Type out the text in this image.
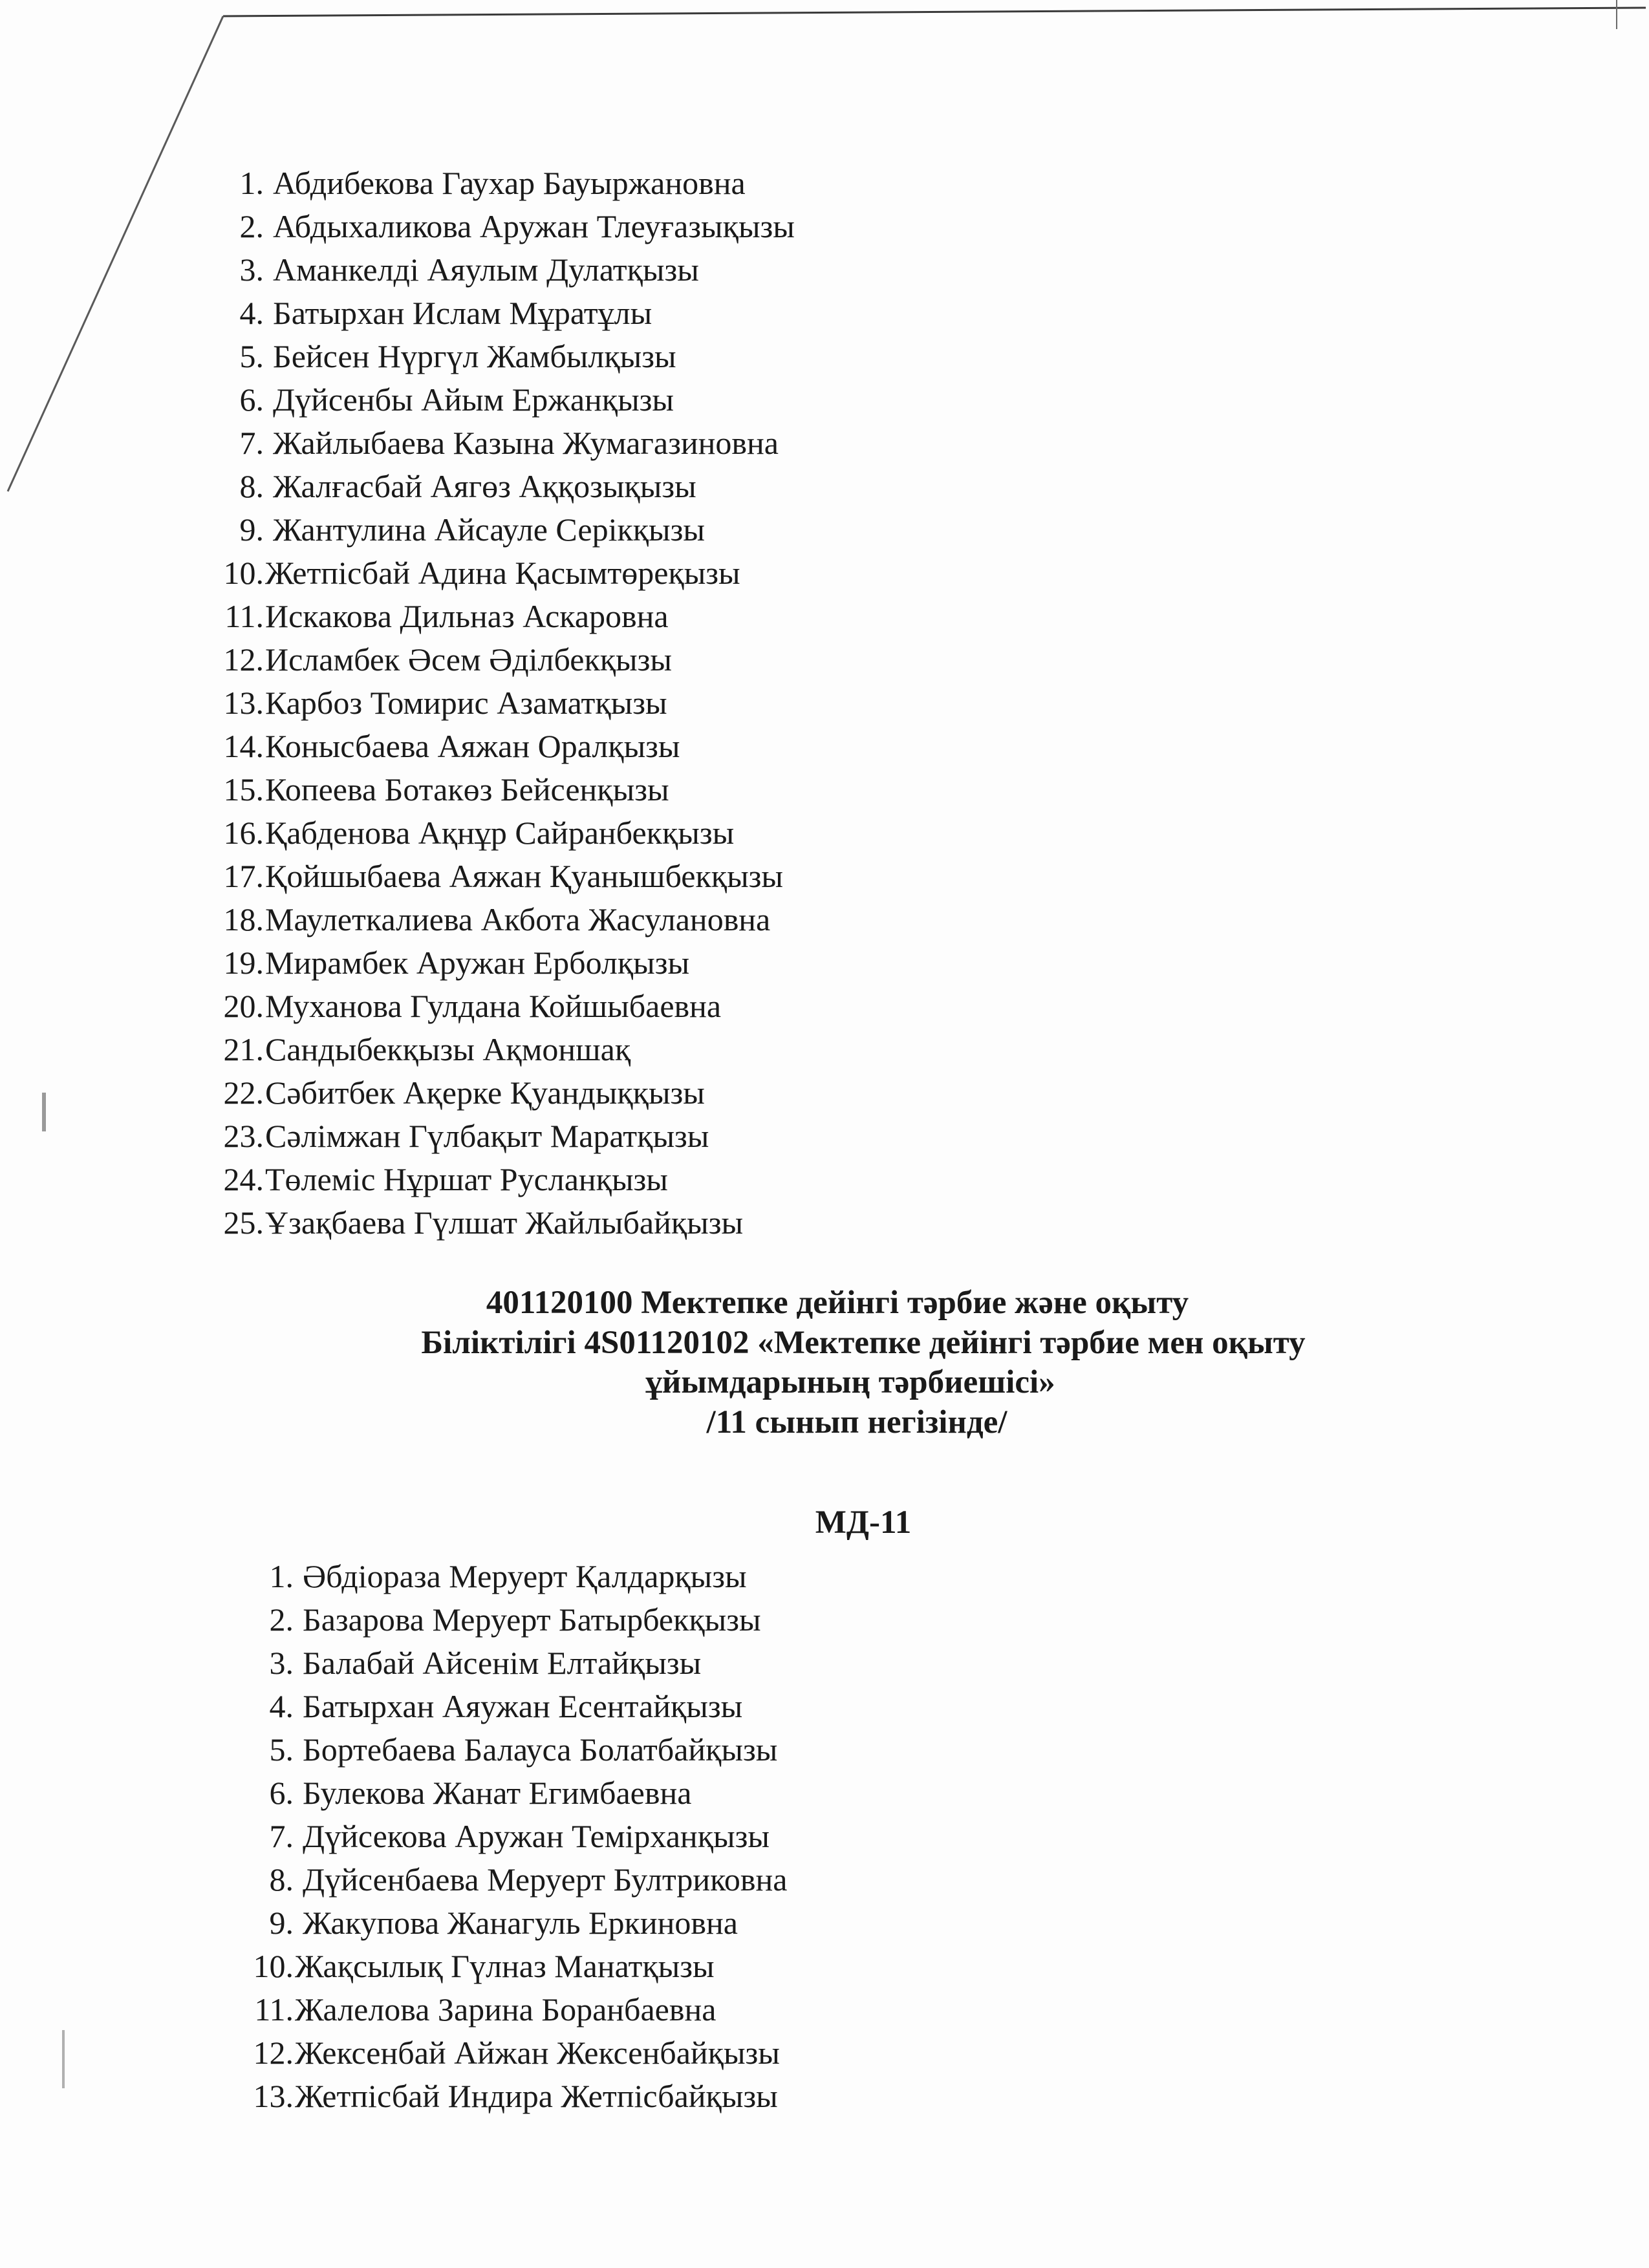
1. Абдибекова Гаухар Бауыржановна
2. Абдыхаликова Аружан Тлеуғазықызы
3. Аманкелді Аяулым Дулатқызы
4. Батырхан Ислам Мұратұлы
5. Бейсен Нүргүл Жамбылқызы
6. Дүйсенбы Айым Ержанқызы
7. Жайлыбаева Казына Жумагазиновна
8. Жалғасбай Аягөз Аққозықызы
9. Жантулина Айсауле Серікқызы
10.Жетпісбай Адина Қасымтөреқызы
11.Искакова Дильназ Аскаровна
12.Исламбек Әсем Әділбекқызы
13.Карбоз Томирис Азаматқызы
14.Конысбаева Аяжан Оралқызы
15.Копеева Ботакөз Бейсенқызы
16.Қабденова Ақнұр Сайранбекқызы
17.Қойшыбаева Аяжан Қуанышбекқызы
18.Маулеткалиева Акбота Жасулановна
19.Мирамбек Аружан Ерболқызы
20.Муханова Гулдана Койшыбаевна
21.Сандыбекқызы Ақмоншақ
22.Сәбитбек Ақерке Қуандыққызы
23.Сәлімжан Гүлбақыт Маратқызы
24.Төлеміс Нұршат Русланқызы
25.Ұзақбаева Гүлшат Жайлыбайқызы
401120100 Мектепке дейінгі тәрбие және оқыту
Біліктілігі 4S01120102 «Мектепке дейінгі тәрбие мен оқыту
ұйымдарының тәрбиешісі»
/11 сынып негізінде/
МД-11
1. Әбдіораза Меруерт Қалдарқызы
2. Базарова Меруерт Батырбекқызы
3. Балабай Айсенім Елтайқызы
4. Батырхан Аяужан Есентайқызы
5. Бортебаева Балауса Болатбайқызы
6. Булекова Жанат Егимбаевна
7. Дүйсекова Аружан Темірханқызы
8. Дүйсенбаева Меруерт Бултриковна
9. Жакупова Жанагуль Еркиновна
10.Жақсылық Гүлназ Манатқызы
11.Жалелова Зарина Боранбаевна
12.Жексенбай Айжан Жексенбайқызы
13.Жетпісбай Индира Жетпісбайқызы
